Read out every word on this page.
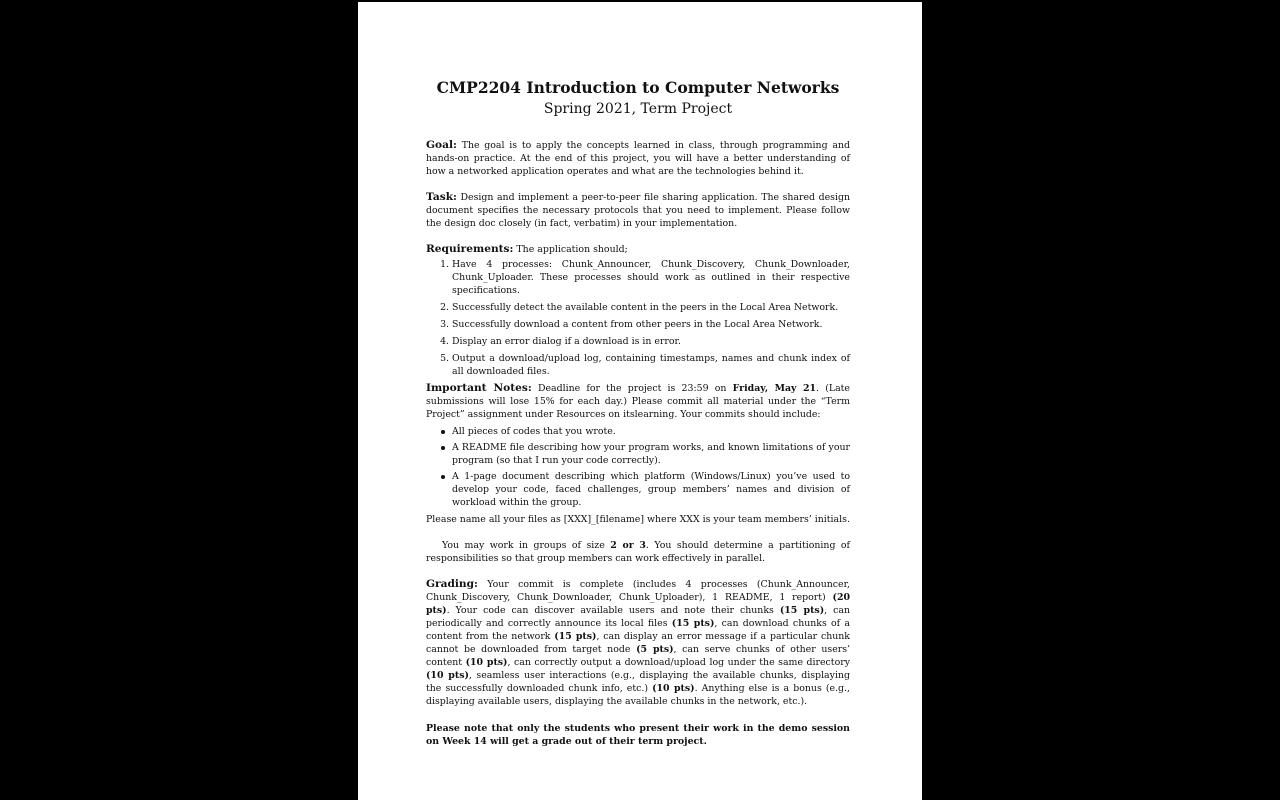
CMP2204 Introduction to Computer Networks
Spring 2021, Term Project

Goal: The goal is to apply the concepts learned in class, through programming and hands-on practice. At the end of this project, you will have a better understanding of how a networked application operates and what are the technologies behind it.

Task: Design and implement a peer-to-peer file sharing application. The shared design document specifies the necessary protocols that you need to implement. Please follow the design doc closely (in fact, verbatim) in your implementation.

Requirements: The application should;
1. Have 4 processes: Chunk_Announcer, Chunk_Discovery, Chunk_Downloader, Chunk_Uploader. These processes should work as outlined in their respective specifications.
2. Successfully detect the available content in the peers in the Local Area Network.
3. Successfully download a content from other peers in the Local Area Network.
4. Display an error dialog if a download is in error.
5. Output a download/upload log, containing timestamps, names and chunk index of all downloaded files.
Important Notes: Deadline for the project is 23:59 on Friday, May 21. (Late submissions will lose 15% for each day.) Please commit all material under the “Term Project” assignment under Resources on itslearning. Your commits should include:
All pieces of codes that you wrote.
A README file describing how your program works, and known limitations of your program (so that I run your code correctly).
A 1-page document describing which platform (Windows/Linux) you’ve used to develop your code, faced challenges, group members’ names and division of workload within the group.

Please name all your files as [XXX]_[filename] where XXX is your team members’ initials.

You may work in groups of size 2 or 3. You should determine a partitioning of responsibilities so that group members can work effectively in parallel.

Grading: Your commit is complete (includes 4 processes (Chunk_Announcer, Chunk_Discovery, Chunk_Downloader, Chunk_Uploader), 1 README, 1 report) (20 pts). Your code can discover available users and note their chunks (15 pts), can periodically and correctly announce its local files (15 pts), can download chunks of a content from the network (15 pts), can display an error message if a particular chunk cannot be downloaded from target node (5 pts), can serve chunks of other users’ content (10 pts), can correctly output a download/upload log under the same directory (10 pts), seamless user interactions (e.g., displaying the available chunks, displaying the successfully downloaded chunk info, etc.) (10 pts). Anything else is a bonus (e.g., displaying available users, displaying the available chunks in the network, etc.).

Please note that only the students who present their work in the demo session on Week 14 will get a grade out of their term project.
